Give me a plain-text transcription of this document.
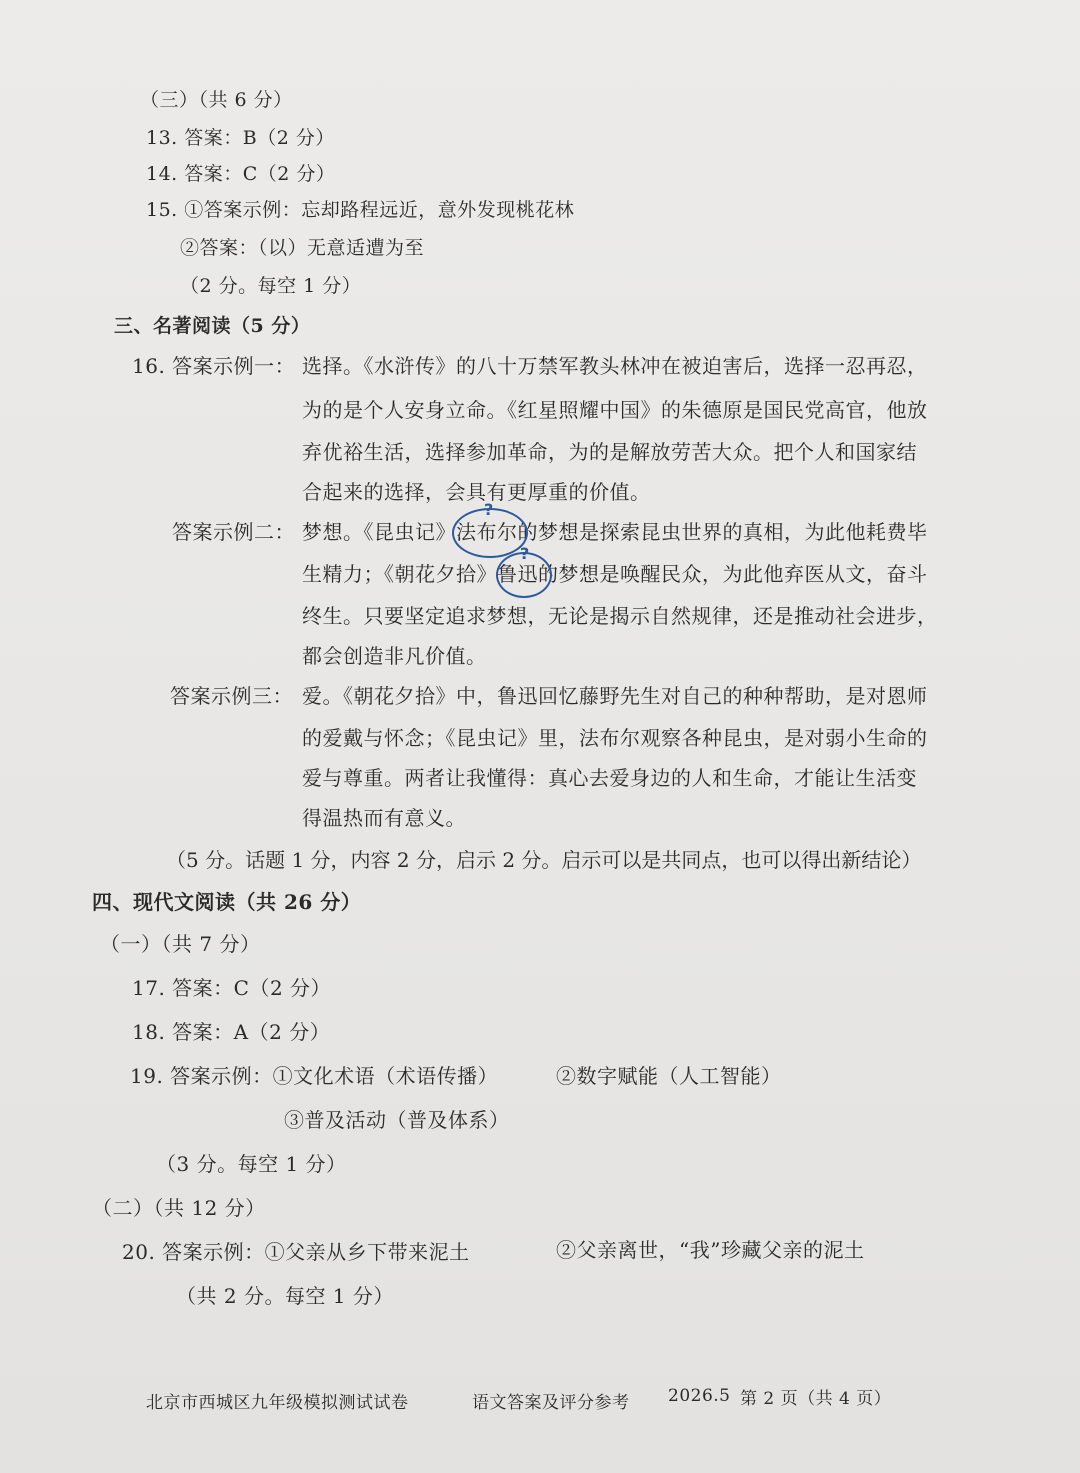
（三）（共 6 分）
13. 答案：B（2 分）
14. 答案：C（2 分）
15. ①答案示例：忘却路程远近，意外发现桃花林
②答案：（以）无意适遭为至
（2 分。每空 1 分）
三、名著阅读（5 分）
16. 答案示例一： 选择。《水浒传》的八十万禁军教头林冲在被迫害后，选择一忍再忍，
为的是个人安身立命。《红星照耀中国》的朱德原是国民党高官，他放
弃优裕生活，选择参加革命，为的是解放劳苦大众。把个人和国家结
合起来的选择，会具有更厚重的价值。
答案示例二： 梦想。《昆虫记》法布尔的梦想是探索昆虫世界的真相，为此他耗费毕
?
生精力；《朝花夕拾》鲁迅的梦想是唤醒民众，为此他弃医从文，奋斗
?
终生。只要坚定追求梦想，无论是揭示自然规律，还是推动社会进步，
都会创造非凡价值。
答案示例三： 爱。《朝花夕拾》中，鲁迅回忆藤野先生对自己的种种帮助，是对恩师
的爱戴与怀念；《昆虫记》里，法布尔观察各种昆虫，是对弱小生命的
爱与尊重。两者让我懂得：真心去爱身边的人和生命，才能让生活变
得温热而有意义。
（5 分。话题 1 分，内容 2 分，启示 2 分。启示可以是共同点，也可以得出新结论）
四、现代文阅读（共 26 分）
（一）（共 7 分）
17. 答案：C（2 分）
18. 答案：A（2 分）
19. 答案示例：①文化术语（术语传播）	②数字赋能（人工智能）
③普及活动（普及体系）
（3 分。每空 1 分）
（二）（共 12 分）
20. 答案示例：①父亲从乡下带来泥土	②父亲离世，“我”珍藏父亲的泥土
（共 2 分。每空 1 分）
北京市西城区九年级模拟测试试卷	语文答案及评分参考 2026.5 第 2 页（共 4 页）
